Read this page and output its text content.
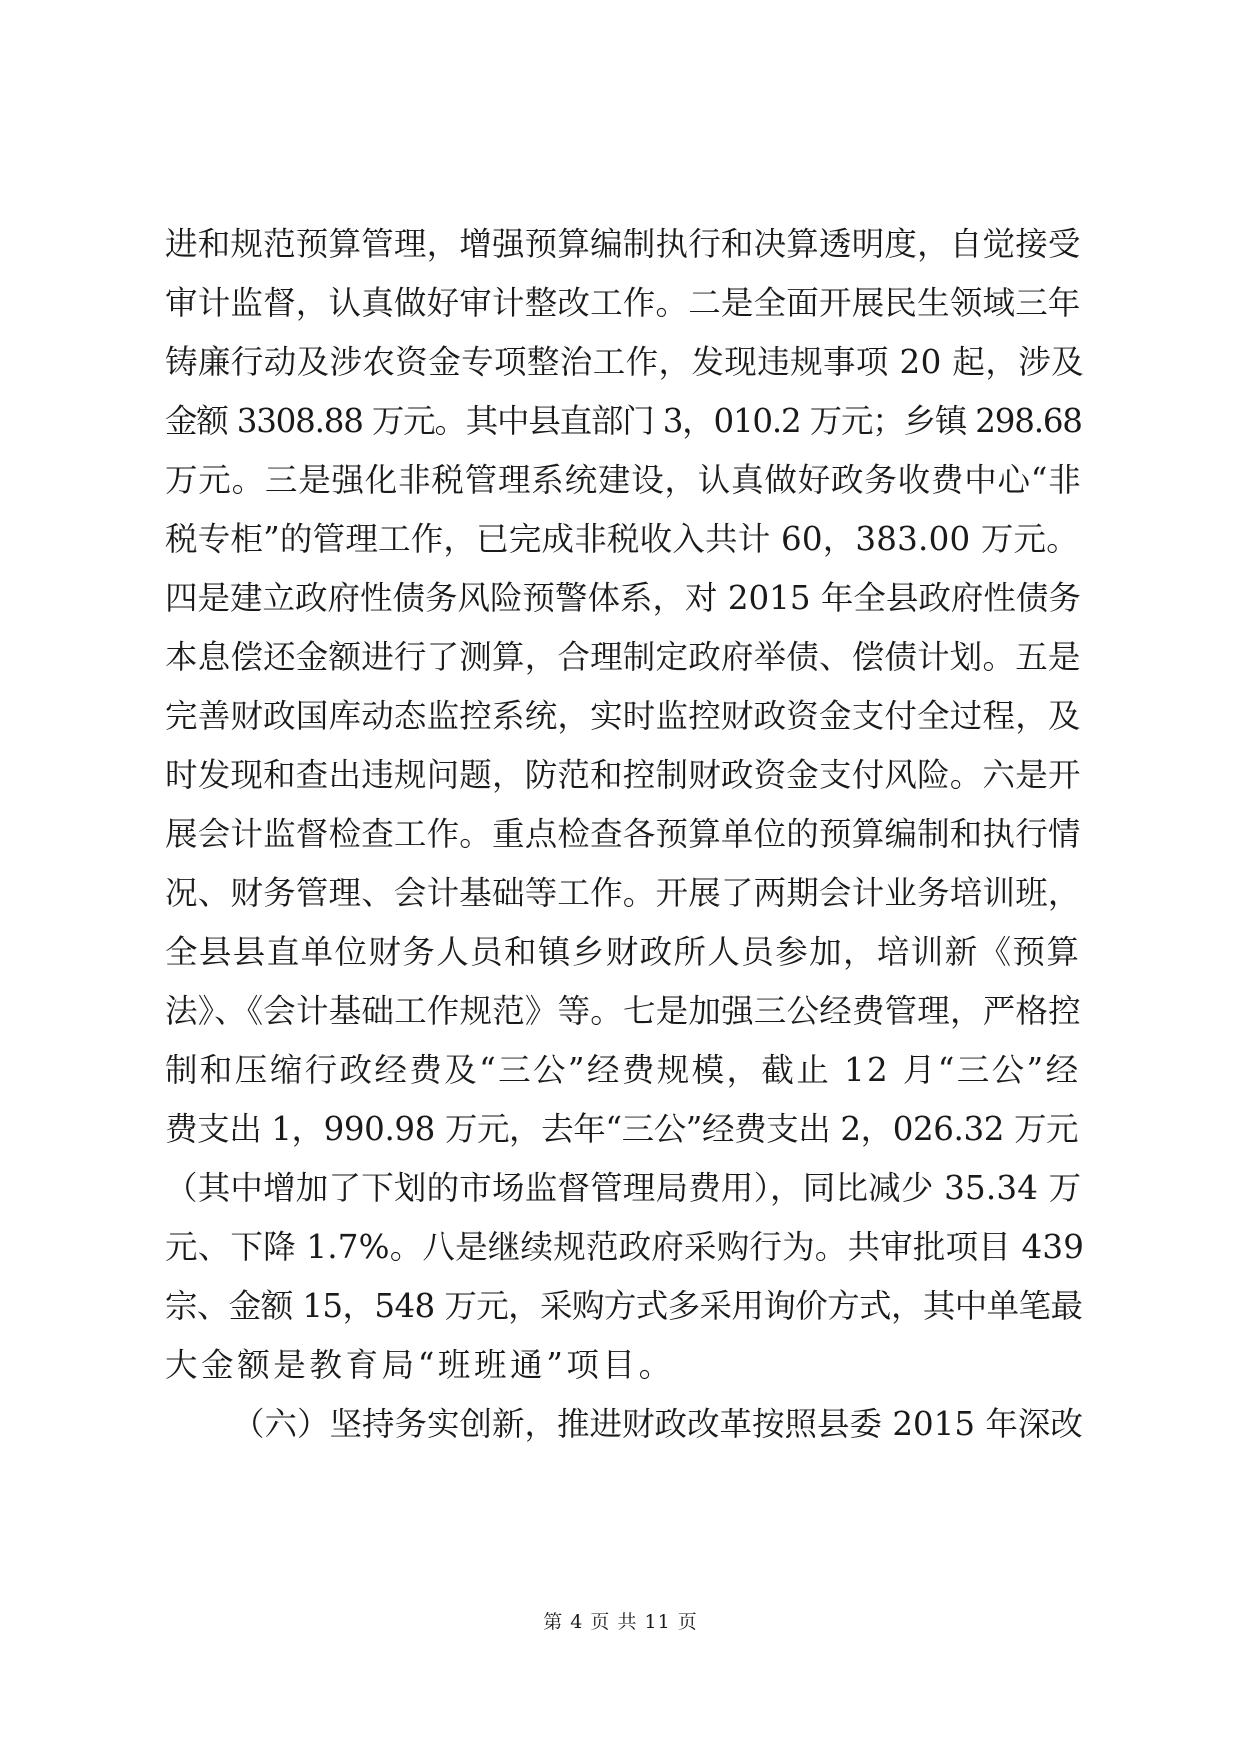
进和规范预算管理，增强预算编制执行和决算透明度，自觉接受
审计监督，认真做好审计整改工作。二是全面开展民生领域三年
铸廉行动及涉农资金专项整治工作，发现违规事项 20 起，涉及
金额 3308.88 万元。其中县直部门 3，010.2 万元；乡镇 298.68
万元。三是强化非税管理系统建设，认真做好政务收费中心“非
税专柜”的管理工作，已完成非税收入共计 60，383.00 万元。
四是建立政府性债务风险预警体系，对 2015 年全县政府性债务
本息偿还金额进行了测算，合理制定政府举债、偿债计划。五是
完善财政国库动态监控系统，实时监控财政资金支付全过程，及
时发现和查出违规问题，防范和控制财政资金支付风险。六是开
展会计监督检查工作。重点检查各预算单位的预算编制和执行情
况、财务管理、会计基础等工作。开展了两期会计业务培训班，
全县县直单位财务人员和镇乡财政所人员参加，培训新《预算
法》、《会计基础工作规范》等。七是加强三公经费管理，严格控
制和压缩行政经费及“三公”经费规模，截止 12 月“三公”经
费支出 1，990.98 万元，去年“三公”经费支出 2，026.32 万元
（其中增加了下划的市场监督管理局费用），同比减少 35.34 万
元、下降 1.7%。八是继续规范政府采购行为。共审批项目 439
宗、金额 15，548 万元，采购方式多采用询价方式，其中单笔最
大金额是教育局“班班通”项目。
（六）坚持务实创新，推进财政改革按照县委 2015 年深改
第 4 页 共 11 页
